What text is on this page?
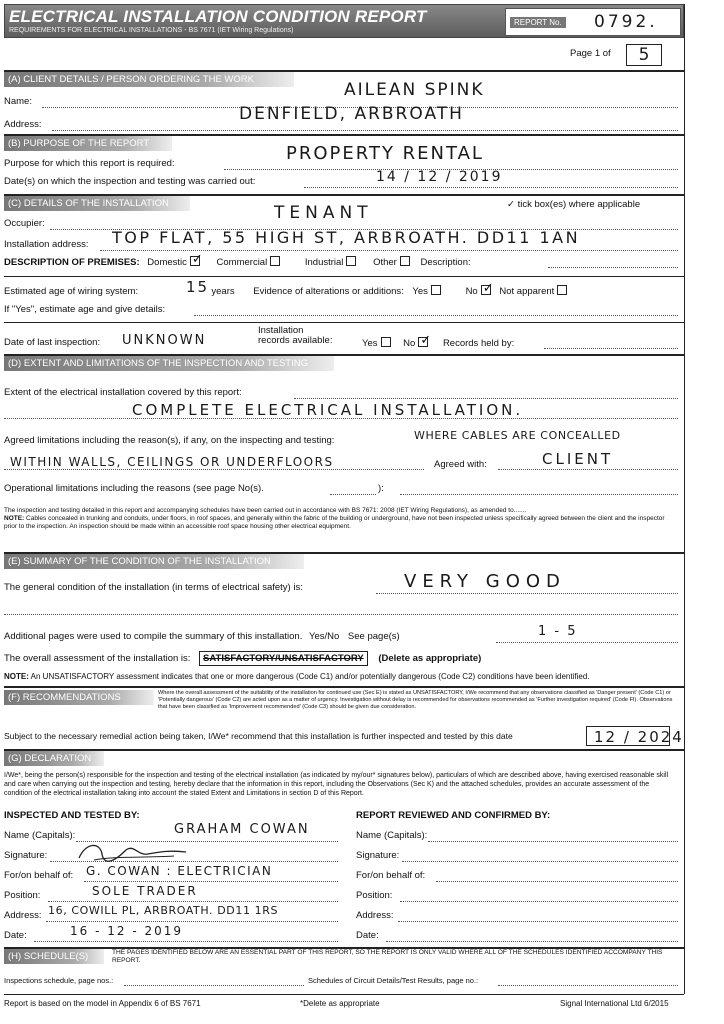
ELECTRICAL INSTALLATION CONDITION REPORT
REQUIREMENTS FOR ELECTRICAL INSTALLATIONS - BS 7671 (IET Wiring Regulations)
REPORT No. 0792.
Page 1 of	5
(A) CLIENT DETAILS / PERSON ORDERING THE WORK
Name:
AILEAN SPINK
Address:
DENFIELD, ARBROATH
(B) PURPOSE OF THE REPORT
Purpose for which this report is required:	PROPERTY RENTAL
Date(s) on which the inspection and testing was carried out:	14 / 12 / 2019
(C) DETAILS OF THE INSTALLATION	✓ tick box(es) where applicable
Occupier:
TENANT
Installation address:	TOP FLAT, 55 HIGH ST, ARBROATH. DD11 1AN
DESCRIPTION OF PREMISES: Domestic ✓	Commercial	Industrial	Other Description:
Estimated age of wiring system:	years Evidence of alterations or additions: Yes	No ✓ Not apparent
15
If "Yes", estimate age and give details:
Date of last inspection:	UNKNOWN
Installation
records available:	Yes	No ✓	Records held by:
(D) EXTENT AND LIMITATIONS OF THE INSPECTION AND TESTING
Extent of the electrical installation covered by this report:
COMPLETE ELECTRICAL INSTALLATION.
Agreed limitations including the reason(s), if any, on the inspecting and testing:	WHERE CABLES ARE CONCEALLED
WITHIN WALLS, CEILINGS OR UNDERFLOORS	Agreed with:	CLIENT
Operational limitations including the reasons (see page No(s).	):
The inspection and testing detailed in this report and accompanying schedules have been carried out in accordance with BS 7671: 2008 (IET Wiring Regulations), as amended to.......
NOTE: Cables concealed in trunking and conduits, under floors, in roof spaces, and generally within the fabric of the building or underground, have not been inspected unless specifically agreed between the client and the inspector prior to the inspection. An inspection should be made within an accessible roof space housing other electrical equipment.
(E) SUMMARY OF THE CONDITION OF THE INSTALLATION
The general condition of the installation (in terms of electrical safety) is:	VERY GOOD
Additional pages were used to compile the summary of this installation. Yes/No See page(s)	1 - 5
The overall assessment of the installation is: SATISFACTORY/UNSATISFACTORY (Delete as appropriate)
NOTE: An UNSATISFACTORY assessment indicates that one or more dangerous (Code C1) and/or potentially dangerous (Code C2) conditions have been identified.
(F) RECOMMENDATIONS	Where the overall assessment of the suitability of the installation for continued use (Sec E) is stated as UNSATISFACTORY, I/We recommend that any observations classified as 'Danger present' (Code C1) or 'Potentially dangerous' (Code C2) are acted upon as a matter of urgency. Investigation without delay is recommended for observations recommended as 'Further investigation required' (Code FI). Observations that have been classified as 'Improvement recommended' (Code C3) should be given due consideration.
Subject to the necessary remedial action being taken, I/We* recommend that this installation is further inspected and tested by this date	12 / 2024
(G) DECLARATION
I/We*, being the person(s) responsible for the inspection and testing of the electrical installation (as indicated by my/our* signatures below), particulars of which are described above, having exercised reasonable skill and care when carrying out the inspection and testing, hereby declare that the information in this report, including the Observations (Sec K) and the attached schedules, provides an accurate assessment of the condition of the electrical installation taking into account the stated Extent and Limitations in section D of this Report.
INSPECTED AND TESTED BY:	REPORT REVIEWED AND CONFIRMED BY:
Name (Capitals):	GRAHAM COWAN
Signature:
For/on behalf of:	G. COWAN : ELECTRICIAN
Position:	SOLE TRADER
Address: 16, COWILL PL, ARBROATH. DD11 1RS
Date:	16 - 12 - 2019
Name (Capitals):
Signature:
For/on behalf of:
Position:
Address:
Date:
(H) SCHEDULE(S)	THE PAGES IDENTIFIED BELOW ARE AN ESSENTIAL PART OF THIS REPORT, SO THE REPORT IS ONLY VALID WHERE ALL OF THE SCHEDULES IDENTIFIED ACCOMPANY THIS REPORT.
Inspections schedule, page nos.:	Schedules of Circuit Details/Test Results, page no.:
Report is based on the model in Appendix 6 of BS 7671	*Delete as appropriate	Signal International Ltd 6/2015
